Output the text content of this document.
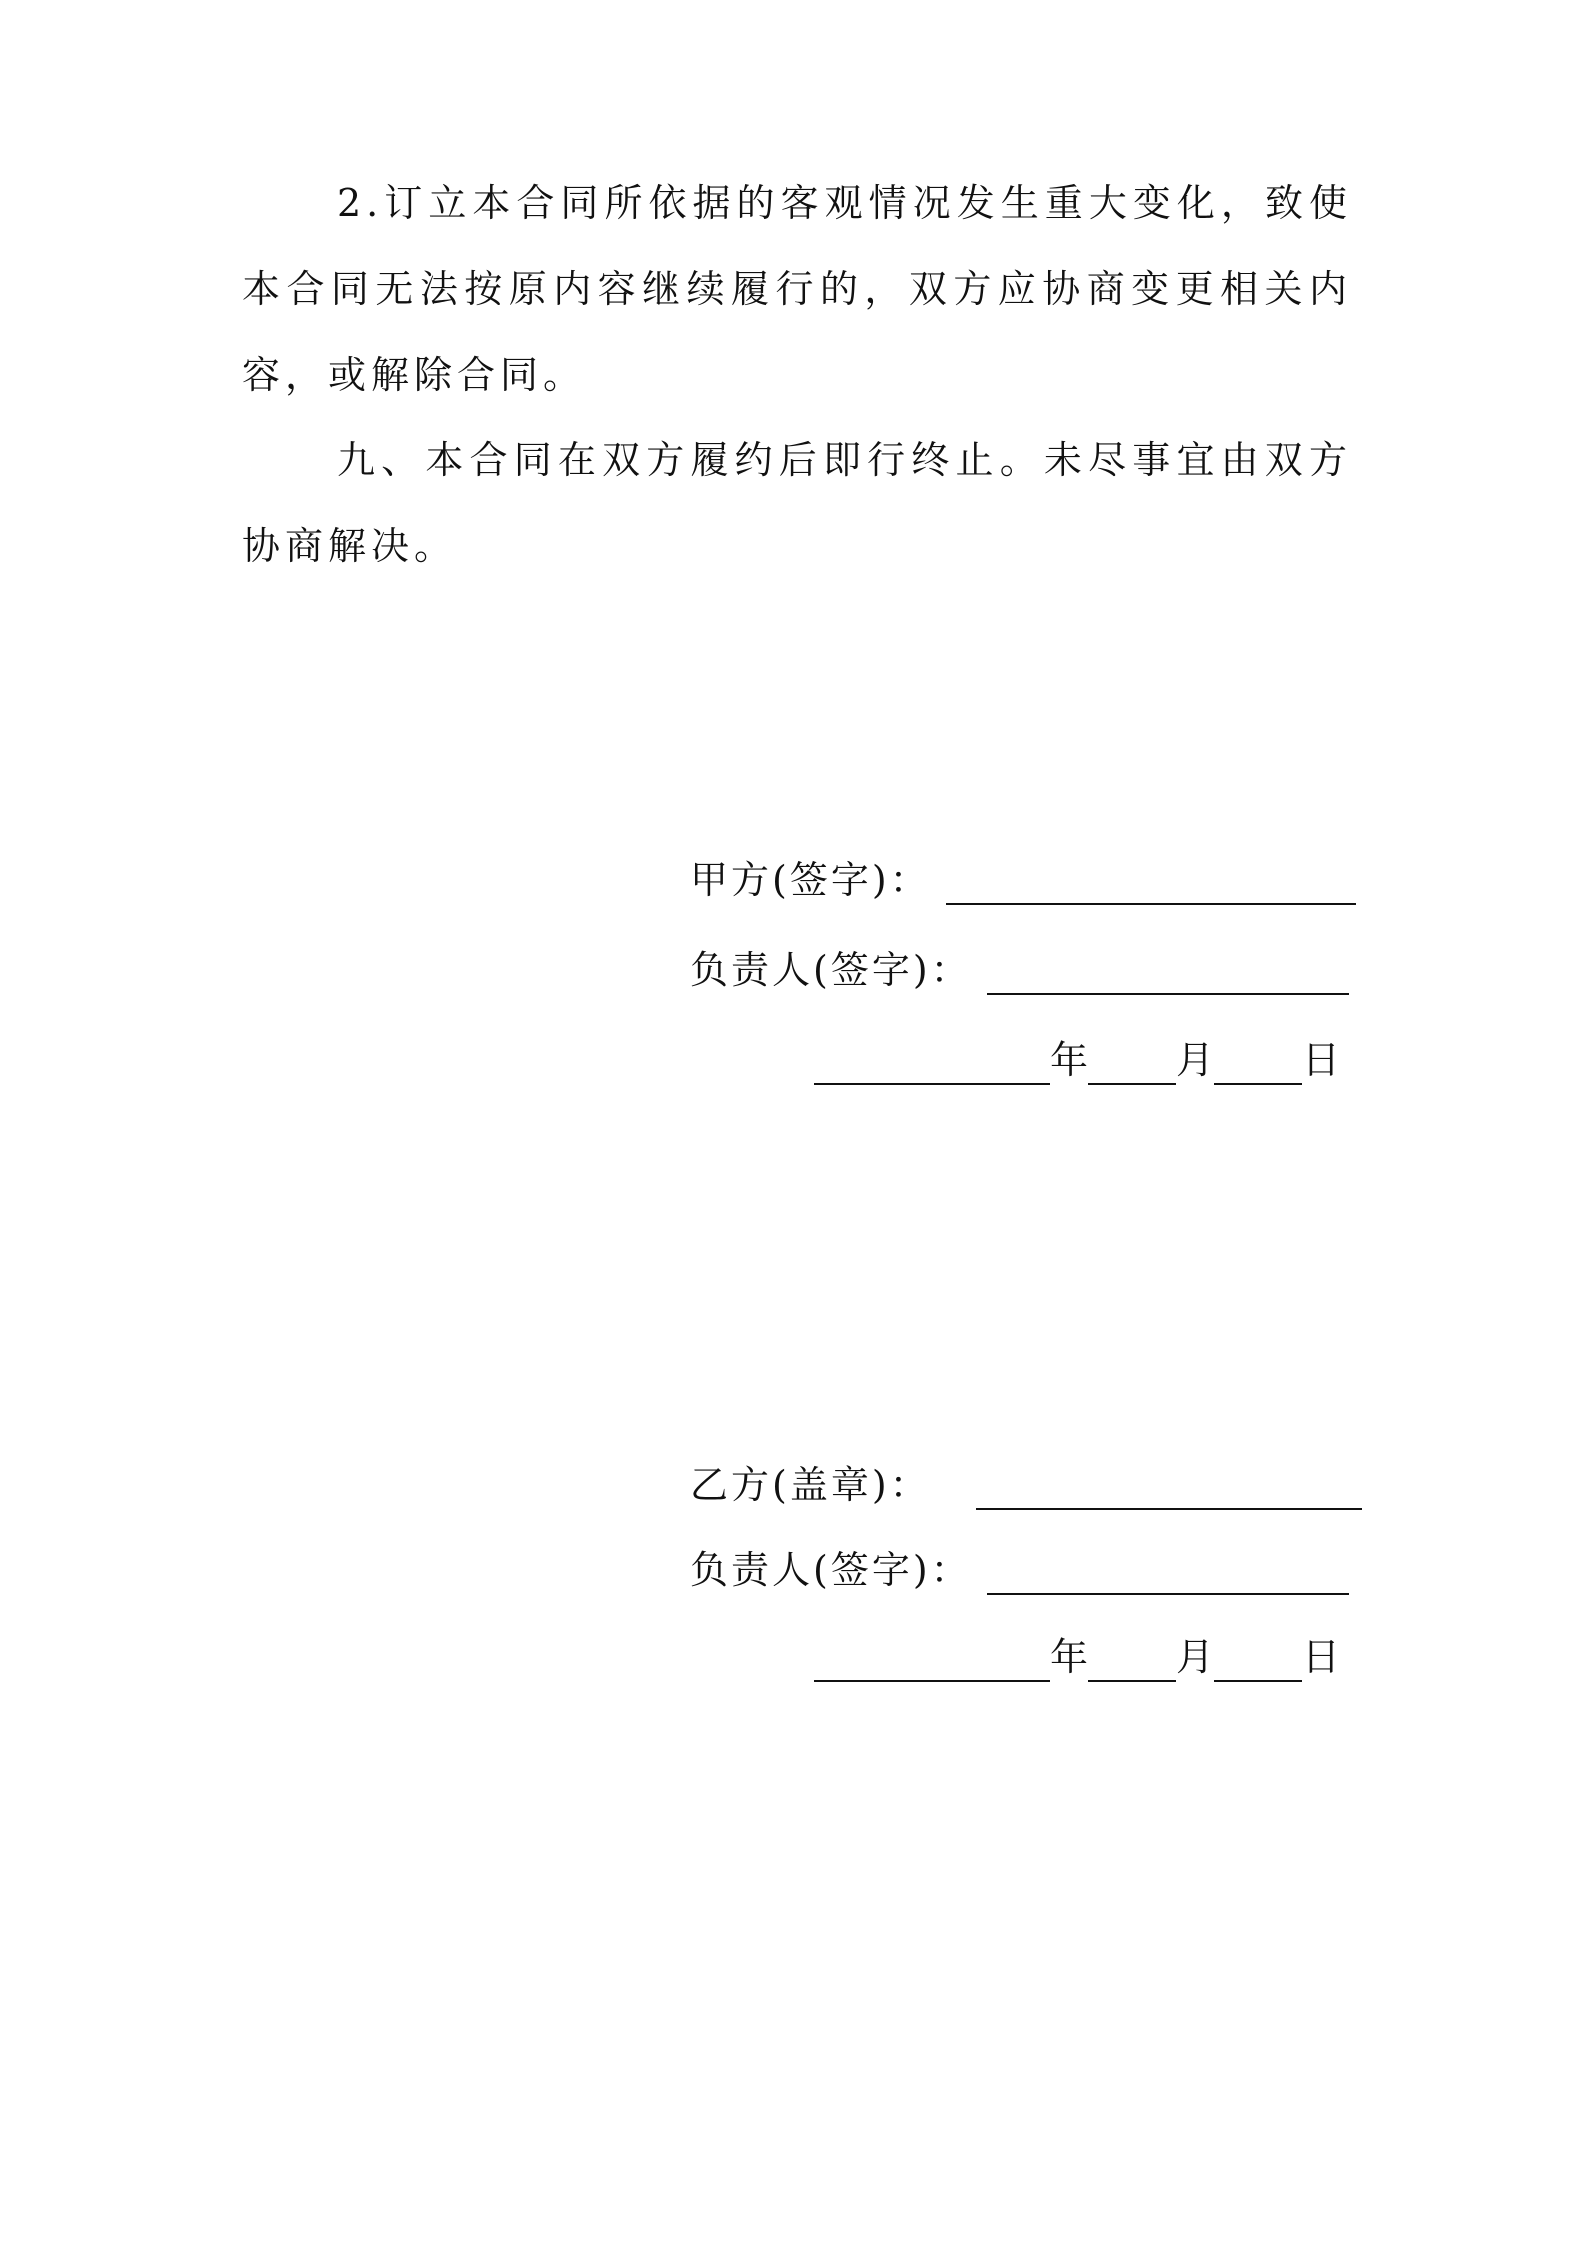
2.订立本合同所依据的客观情况发生重大变化，致使本合同无法按原内容继续履行的，双方应协商变更相关内容，或解除合同。
九、本合同在双方履约后即行终止。未尽事宜由双方协商解决。
甲方(签字)：
负责人(签字)：
年 月 日
乙方(盖章)：
负责人(签字)：
年 月 日
